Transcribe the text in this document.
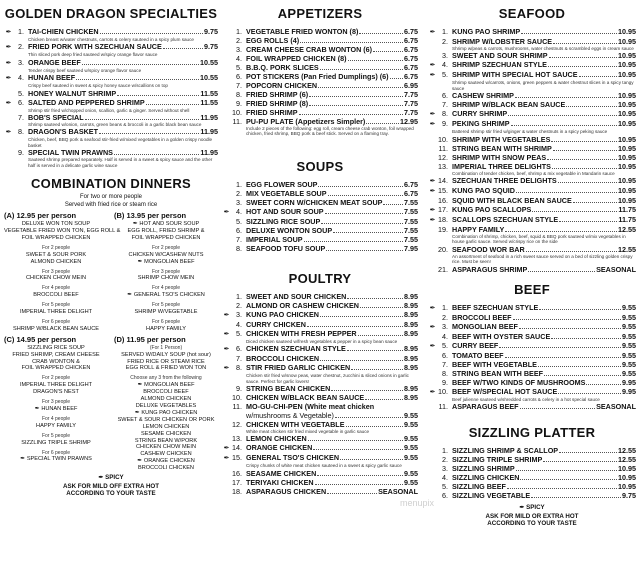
GOLDEN DRAGON SPECIALTIES
✒ 1. TAI-CHIEN CHICKEN	9.75
Chicken breast w/water chestnuts, carrots & celery sauteed in a spicy plum sauce
✒ 2. FRIED PORK WITH SZECHUAN SAUCE	9.75
Thin sliced pork deep fried sauteed w/spicy orange flavor sauce
✒ 3. ORANGE BEEF	10.55
Tender crispy beef sauteed w/spicy orange flavor sauce
✒ 4. HUNAN BEEF	10.55
Crispy beef sauteed in sweet & spicy honey sauce w/scallions on top
5. HONEY WALNUT SHRIMP	11.55
✒ 6. SALTED AND PEPPERED SHRIMP	11.55
Shrimp stir fried w/chopped onion, scallion, garlic & ginger. Served without shell
7. BOB'S SPECIAL	11.95
Shrimp sauteed w/onion, carrots, green beans & broccoli in a garlic black bean sauce
✒ 8. DRAGON'S BASKET	11.95
Chicken, beef, BBQ pork & seafood stir-fried w/mixed vegetables in a golden crispy noodle basket
9. SPECIAL TWIN PRAWNS	11.95
Sauteed shrimp prepared separately. Half is served in a sweet & spicy sauce and the other half is served in a delicate garlic wine sauce
COMBINATION DINNERS
For two or more people
Served with fried rice or steam rice
(A) 12.95 per person
DELUXE WON TON SOUP
VEGETABLE FRIED WON TON, EGG ROLL &
FOIL WRAPPED CHICKEN
For 2 people
SWEET & SOUR PORK
ALMOND CHICKEN
For 3 people
CHICKEN CHOW MEIN
For 4 people
BROCCOLI BEEF
For 5 people
IMPERIAL THREE DELIGHT
For 6 people
SHRIMP W/BLACK BEAN SAUCE
(B) 13.95 per person
✒ HOT AND SOUR SOUP
EGG ROLL, FRIED SHRIMP &
FOIL WRAPPED CHICKEN
For 2 people
CHICKEN W/CASHEW NUTS
✒ MONGOLIAN BEEF
For 3 people
SHRIMP CHOW MEIN
For 4 people
✒ GENERAL TSO'S CHICKEN
For 5 people
SHRIMP W/VEGETABLE
For 6 people
HAPPY FAMILY
(C) 14.95 per person
SIZZLING RICE SOUP
FRIED SHRIMP, CREAM CHEESE
CRAB WONTON &
FOIL WRAPPED CHICKEN
For 2 people
IMPERIAL THREE DELIGHT
DRAGON'S NEST
For 3 people
✒ HUNAN BEEF
For 4 people
HAPPY FAMILY
For 5 people
SIZZLING TRIPLE SHRIMP
For 6 people
✒ SPECIAL TWIN PRAWNS
(D) 11.95 per person
(For 1 Person)
SERVED W/DAILY SOUP (hot sour)
FRIED RICE OR STEAM RICE
EGG ROLL & FRIED WON TON
Choose any 3 from the following
✒ MONGOLIAN BEEF
BROCCOLI BEEF
ALMOND CHICKEN
DELUXE VEGETABLES
✒ KUNG PAO CHICKEN
SWEET & SOUR CHICKEN OR PORK
LEMON CHICKEN
SESAME CHICKEN
STRING BEAN W/PORK
CHICKEN CHOW MEIN
CASHEW CHICKEN
✒ ORANGE CHICKEN
BROCCOLI CHICKEN
✒ SPICY
ASK FOR MILD OFF EXTRA HOT
ACCORDING TO YOUR TASTE
APPETIZERS
1. VEGETABLE FRIED WONTON (8)	6.75
2. EGG ROLLS (4)	6.75
3. CREAM CHEESE CRAB WONTON (6)	6.75
4. FOIL WRAPPED CHICKEN (8)	6.75
5. B.B.Q. PORK SLICES	6.75
6. POT STICKERS (Pan Fried Dumplings) (6) 6.75
7. POPCORN CHICKEN	6.95
8. FRIED SHRIMP (6)	7.75
9. FRIED SHRIMP (8)	7.75
10. FRIED SHRIMP	7.75
11. PU-PU PLATE (Appetizers Simpler)	12.95
Include 2 pieces of the following: egg roll, cream cheese crab wonton, foil wrapped chicken, fried shrimp, BBQ pork & beef stick. Served on a flaming tray.
SOUPS
1. EGG FLOWER SOUP	6.75
2. MIX VEGETABLE SOUP	6.75
3. SWEET CORN W/CHICKEN MEAT SOUP	7.55
✒ 4. HOT AND SOUR SOUP	7.55
5. SIZZLING RICE SOUP	7.55
6. DELUXE WONTON SOUP	7.55
7. IMPERIAL SOUP	7.55
8. SEAFOOD TOFU SOUP	7.95
POULTRY
1. SWEET AND SOUR CHICKEN	8.95
2. ALMOND OR CASHEW CHICKEN	8.95
✒ 3. KUNG PAO CHICKEN	8.95
4. CURRY CHICKEN	8.95
✒ 5. CHICKEN WITH FRESH PEPPER	8.95
Diced chicken sauteed w/fresh vegetables & pepper in a spicy bean sauce
✒ 6. CHICKEN SZECHUAN STYLE	8.95
7. BROCCOLI CHICKEN	8.95
✒ 8. STIR FRIED GARLIC CHICKEN	8.95
Chicken stir fried w/snow peas, water chestnut, zucchini & sliced onions in garlic sauce. Perfect for garlic lovers!
9. STRING BEAN CHICKEN	8.95
10. CHICKEN W/BLACK BEAN SAUCE	8.95
11. MO-GU-CHI-PEN (White meat chicken
w/mushrooms & Vegetable)	9.55
12. CHICKEN WITH VEGETABLE	9.55
White meat chicken stir fried mixed vegetable in garlic sauce
13. LEMON CHICKEN	9.55
✒ 14. ORANGE CHICKEN	9.55
✒ 15. GENERAL TSO'S CHICKEN	9.55
Crispy chunks of white meat chicken sauteed in a sweet & spicy garlic sauce
16. SEASAME CHICKEN	9.55
17. TERIYAKI CHICKEN	9.55
18. ASPARAGUS CHICKEN	SEASONAL
SEAFOOD
✒ 1. KUNG PAO SHRIMP	10.95
2. SHRIMP W/LOBSTER SAUCE	10.95
Shrimp w/peas & carrots, mushrooms, water chestnuts & scrambled eggs in cream sauce
3. SWEET AND SOUR SHRIMP	10.95
✒ 4. SHRIMP SZECHUAN STYLE	10.95
✒ 5. SHRIMP WITH SPECIAL HOT SAUCE	10.95
Shrimp sauteed w/carrots, onions, green peppers & water chestnut slices in a spicy tangy sauce
6. CASHEW SHRIMP	10.95
7. SHRIMP W/BLACK BEAN SAUCE	10.95
✒ 8. CURRY SHRIMP	10.95
✒ 9. PEKING SHRIMP	10.95
Battered shrimp stir fried w/ginger & water chestnuts in a spicy peking sauce
10. SHRIMP WITH VEGETABLES	10.95
11. STRING BEAN WITH SHRIMP	10.95
12. SHRIMP WITH SNOW PEAS	10.95
13. IMPERIAL THREE DELIGHTS	10.95
Combination of tender chicken, beef, shrimp & mix vegetable in Mandarin sauce
✒ 14. SZECHUAN THREE DELIGHTS	10.95
✒ 15. KUNG PAO SQUID	10.95
16. SQUID WITH BLACK BEAN SAUCE	10.95
✒ 17. KUNG PAO SCALLOPS	11.75
✒ 18. SCALLOPS SZECHUAN STYLE	11.75
19. HAPPY FAMILY	12.55
Combination of shrimp, chicken, beef, squid & BBQ pork sauteed w/mix vegetables in house garlic sauce. Served w/crispy rice on the side
20. SEAFOOD WOR BAR	12.55
An assortment of seafood in a rich sweet sauce served on a bed of sizzling golden crispy rice. Must be seen!
21. ASPARAGUS SHRIMP	SEASONAL
BEEF
✒ 1. BEEF SZECHUAN STYLE	9.55
2. BROCCOLI BEEF	9.55
✒ 3. MONGOLIAN BEEF	9.55
4. BEEF WITH OYSTER SAUCE	9.55
✒ 5. CURRY BEEF	9.55
6. TOMATO BEEF	9.55
7. BEEF WITH VEGETABLE	9.55
8. STRING BEAN WITH BEEF	9.55
9. BEEF W/TWO KINDS OF MUSHROOMS	9.95
✒ 10. BEEF W/SPECIAL HOT SAUCE	9.95
Beef julienne sauteed w/shredded carrots & celery in a hot special sauce
11. ASPARAGUS BEEF	SEASONAL
SIZZLING PLATTER
1. SIZZLING SHRIMP & SCALLOP	12.55
2. SIZZLING TRIPLE SHRIMP	12.55
3. SIZZLING SHRIMP	10.95
4. SIZZLING CHICKEN	10.95
5. SIZZLING BEEF	10.95
6. SIZZLING VEGETABLE	9.75
✒ SPICY
ASK FOR MILD OR EXTRA HOT
ACCORDING TO YOUR TASTE
menupix
